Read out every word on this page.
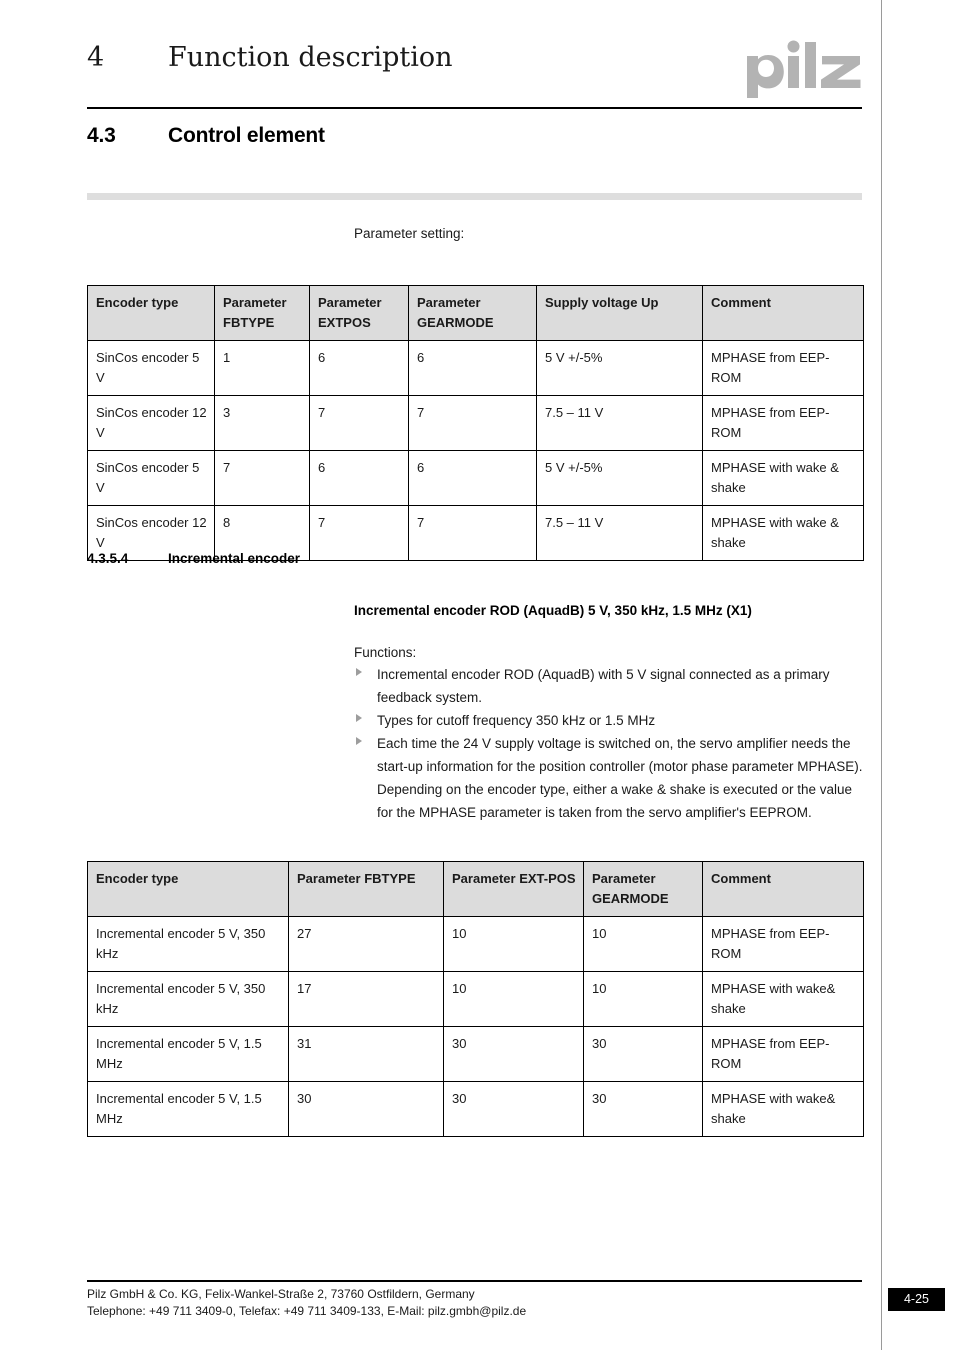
4 Function description
4.3 Control element
Parameter setting:
Encoder type	Parameter FBTYPE	Parameter EXTPOS	Parameter GEARMODE	Supply voltage Up	Comment
SinCos encoder 5 V	1	6	6	5 V +/-5%	MPHASE from EEP-ROM
SinCos encoder 12 V	3	7	7	7.5 – 11 V	MPHASE from EEP-ROM
SinCos encoder 5 V	7	6	6	5 V +/-5%	MPHASE with wake & shake
SinCos encoder 12 V	8	7	7	7.5 – 11 V	MPHASE with wake & shake
4.3.5.4	Incremental encoder
Incremental encoder ROD (AquadB) 5 V, 350 kHz, 1.5 MHz (X1)
Functions:
Incremental encoder ROD (AquadB) with 5 V signal connected as a primary feedback system.
Types for cutoff frequency 350 kHz or 1.5 MHz
Each time the 24 V supply voltage is switched on, the servo amplifier needs the start-up information for the position controller (motor phase parameter MPHASE). Depending on the encoder type, either a wake & shake is executed or the value for the MPHASE parameter is taken from the servo amplifier's EEPROM.
Encoder type	Parameter FBTYPE	Parameter EXT-POS	Parameter GEARMODE	Comment
Incremental encoder 5 V, 350 kHz	27	10	10	MPHASE from EEP-ROM
Incremental encoder 5 V, 350 kHz	17	10	10	MPHASE with wake& shake
Incremental encoder 5 V, 1.5 MHz	31	30	30	MPHASE from EEP-ROM
Incremental encoder 5 V, 1.5 MHz	30	30	30	MPHASE with wake& shake
Pilz GmbH & Co. KG, Felix-Wankel-Straße 2, 73760 Ostfildern, Germany
Telephone: +49 711 3409-0, Telefax: +49 711 3409-133, E-Mail: pilz.gmbh@pilz.de
4-25
